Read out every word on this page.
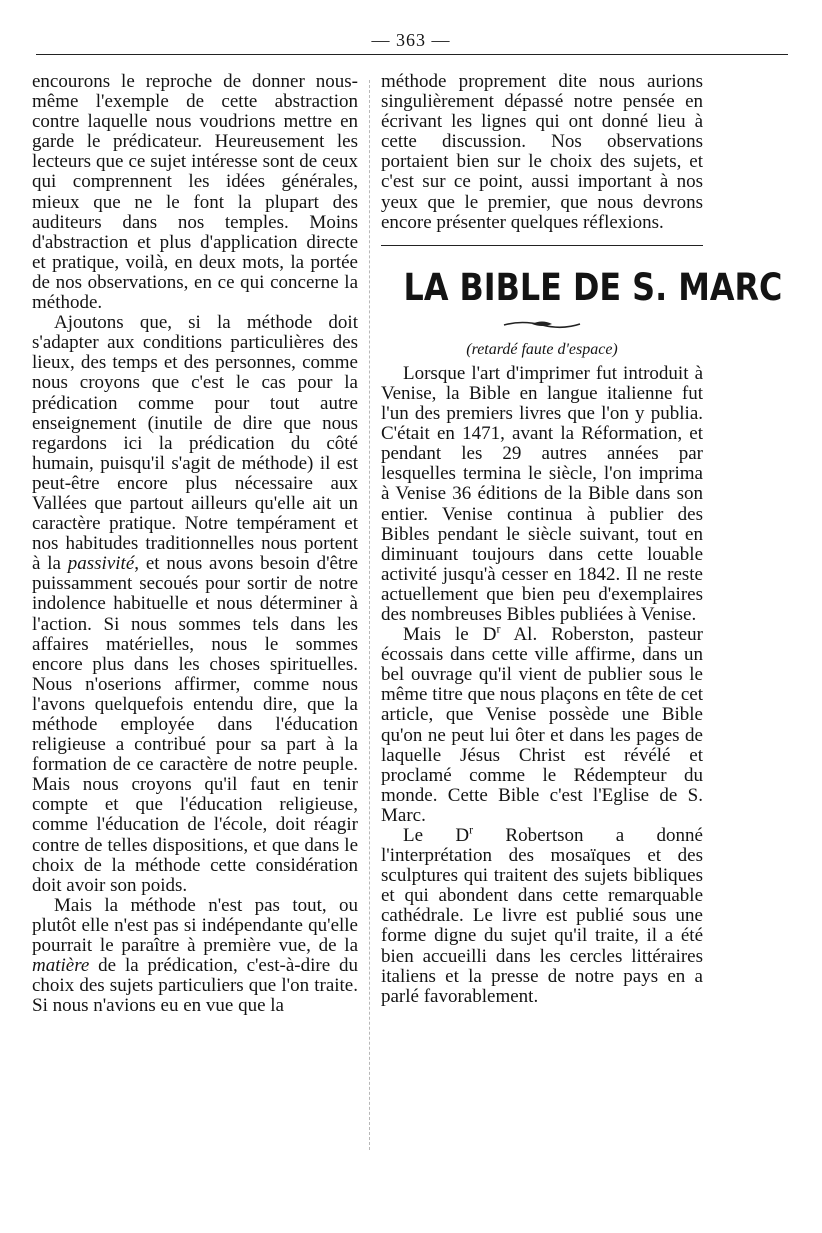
— 363 —

encourons le reproche de donner nous-même l'exemple de cette abstraction contre laquelle nous voudrions mettre en garde le prédicateur. Heureusement les lecteurs que ce sujet intéresse sont de ceux qui comprennent les idées générales, mieux que ne le font la plupart des auditeurs dans nos temples. Moins d'abstraction et plus d'application directe et pratique, voilà, en deux mots, la portée de nos observations, en ce qui concerne la méthode.

Ajoutons que, si la méthode doit s'adapter aux conditions particulières des lieux, des temps et des personnes, comme nous croyons que c'est le cas pour la prédication comme pour tout autre enseignement (inutile de dire que nous regardons ici la prédication du côté humain, puisqu'il s'agit de méthode) il est peut-être encore plus nécessaire aux Vallées que partout ailleurs qu'elle ait un caractère pratique. Notre tempérament et nos habitudes traditionnelles nous portent à la passivité, et nous avons besoin d'être puissamment secoués pour sortir de notre indolence habituelle et nous déterminer à l'action. Si nous sommes tels dans les affaires matérielles, nous le sommes encore plus dans les choses spirituelles. Nous n'oserions affirmer, comme nous l'avons quelquefois entendu dire, que la méthode employée dans l'éducation religieuse a contribué pour sa part à la formation de ce caractère de notre peuple. Mais nous croyons qu'il faut en tenir compte et que l'éducation religieuse, comme l'éducation de l'école, doit réagir contre de telles dispositions, et que dans le choix de la méthode cette considération doit avoir son poids.

Mais la méthode n'est pas tout, ou plutôt elle n'est pas si indépendante qu'elle pourrait le paraître à première vue, de la matière de la prédication, c'est-à-dire du choix des sujets particuliers que l'on traite. Si nous n'avions eu en vue que la

méthode proprement dite nous aurions singulièrement dépassé notre pensée en écrivant les lignes qui ont donné lieu à cette discussion. Nos observations portaient bien sur le choix des sujets, et c'est sur ce point, aussi important à nos yeux que le premier, que nous devrons encore présenter quelques réflexions.

LA BIBLE DE S. MARC

(retardé faute d'espace)

Lorsque l'art d'imprimer fut introduit à Venise, la Bible en langue italienne fut l'un des premiers livres que l'on y publia. C'était en 1471, avant la Réformation, et pendant les 29 autres années par lesquelles termina le siècle, l'on imprima à Venise 36 éditions de la Bible dans son entier. Venise continua à publier des Bibles pendant le siècle suivant, tout en diminuant toujours dans cette louable activité jusqu'à cesser en 1842. Il ne reste actuellement que bien peu d'exemplaires des nombreuses Bibles publiées à Venise.

Mais le $D^r$ Al. Roberston, pasteur écossais dans cette ville affirme, dans un bel ouvrage qu'il vient de publier sous le même titre que nous plaçons en tête de cet article, que Venise possède une Bible qu'on ne peut lui ôter et dans les pages de laquelle Jésus Christ est révélé et proclamé comme le Rédempteur du monde. Cette Bible c'est l'Eglise de S. Marc.

Le $D^r$ Robertson a donné l'interprétation des mosaïques et des sculptures qui traitent des sujets bibliques et qui abondent dans cette remarquable cathédrale. Le livre est publié sous une forme digne du sujet qu'il traite, il a été bien accueilli dans les cercles littéraires italiens et la presse de notre pays en a parlé favorablement.
